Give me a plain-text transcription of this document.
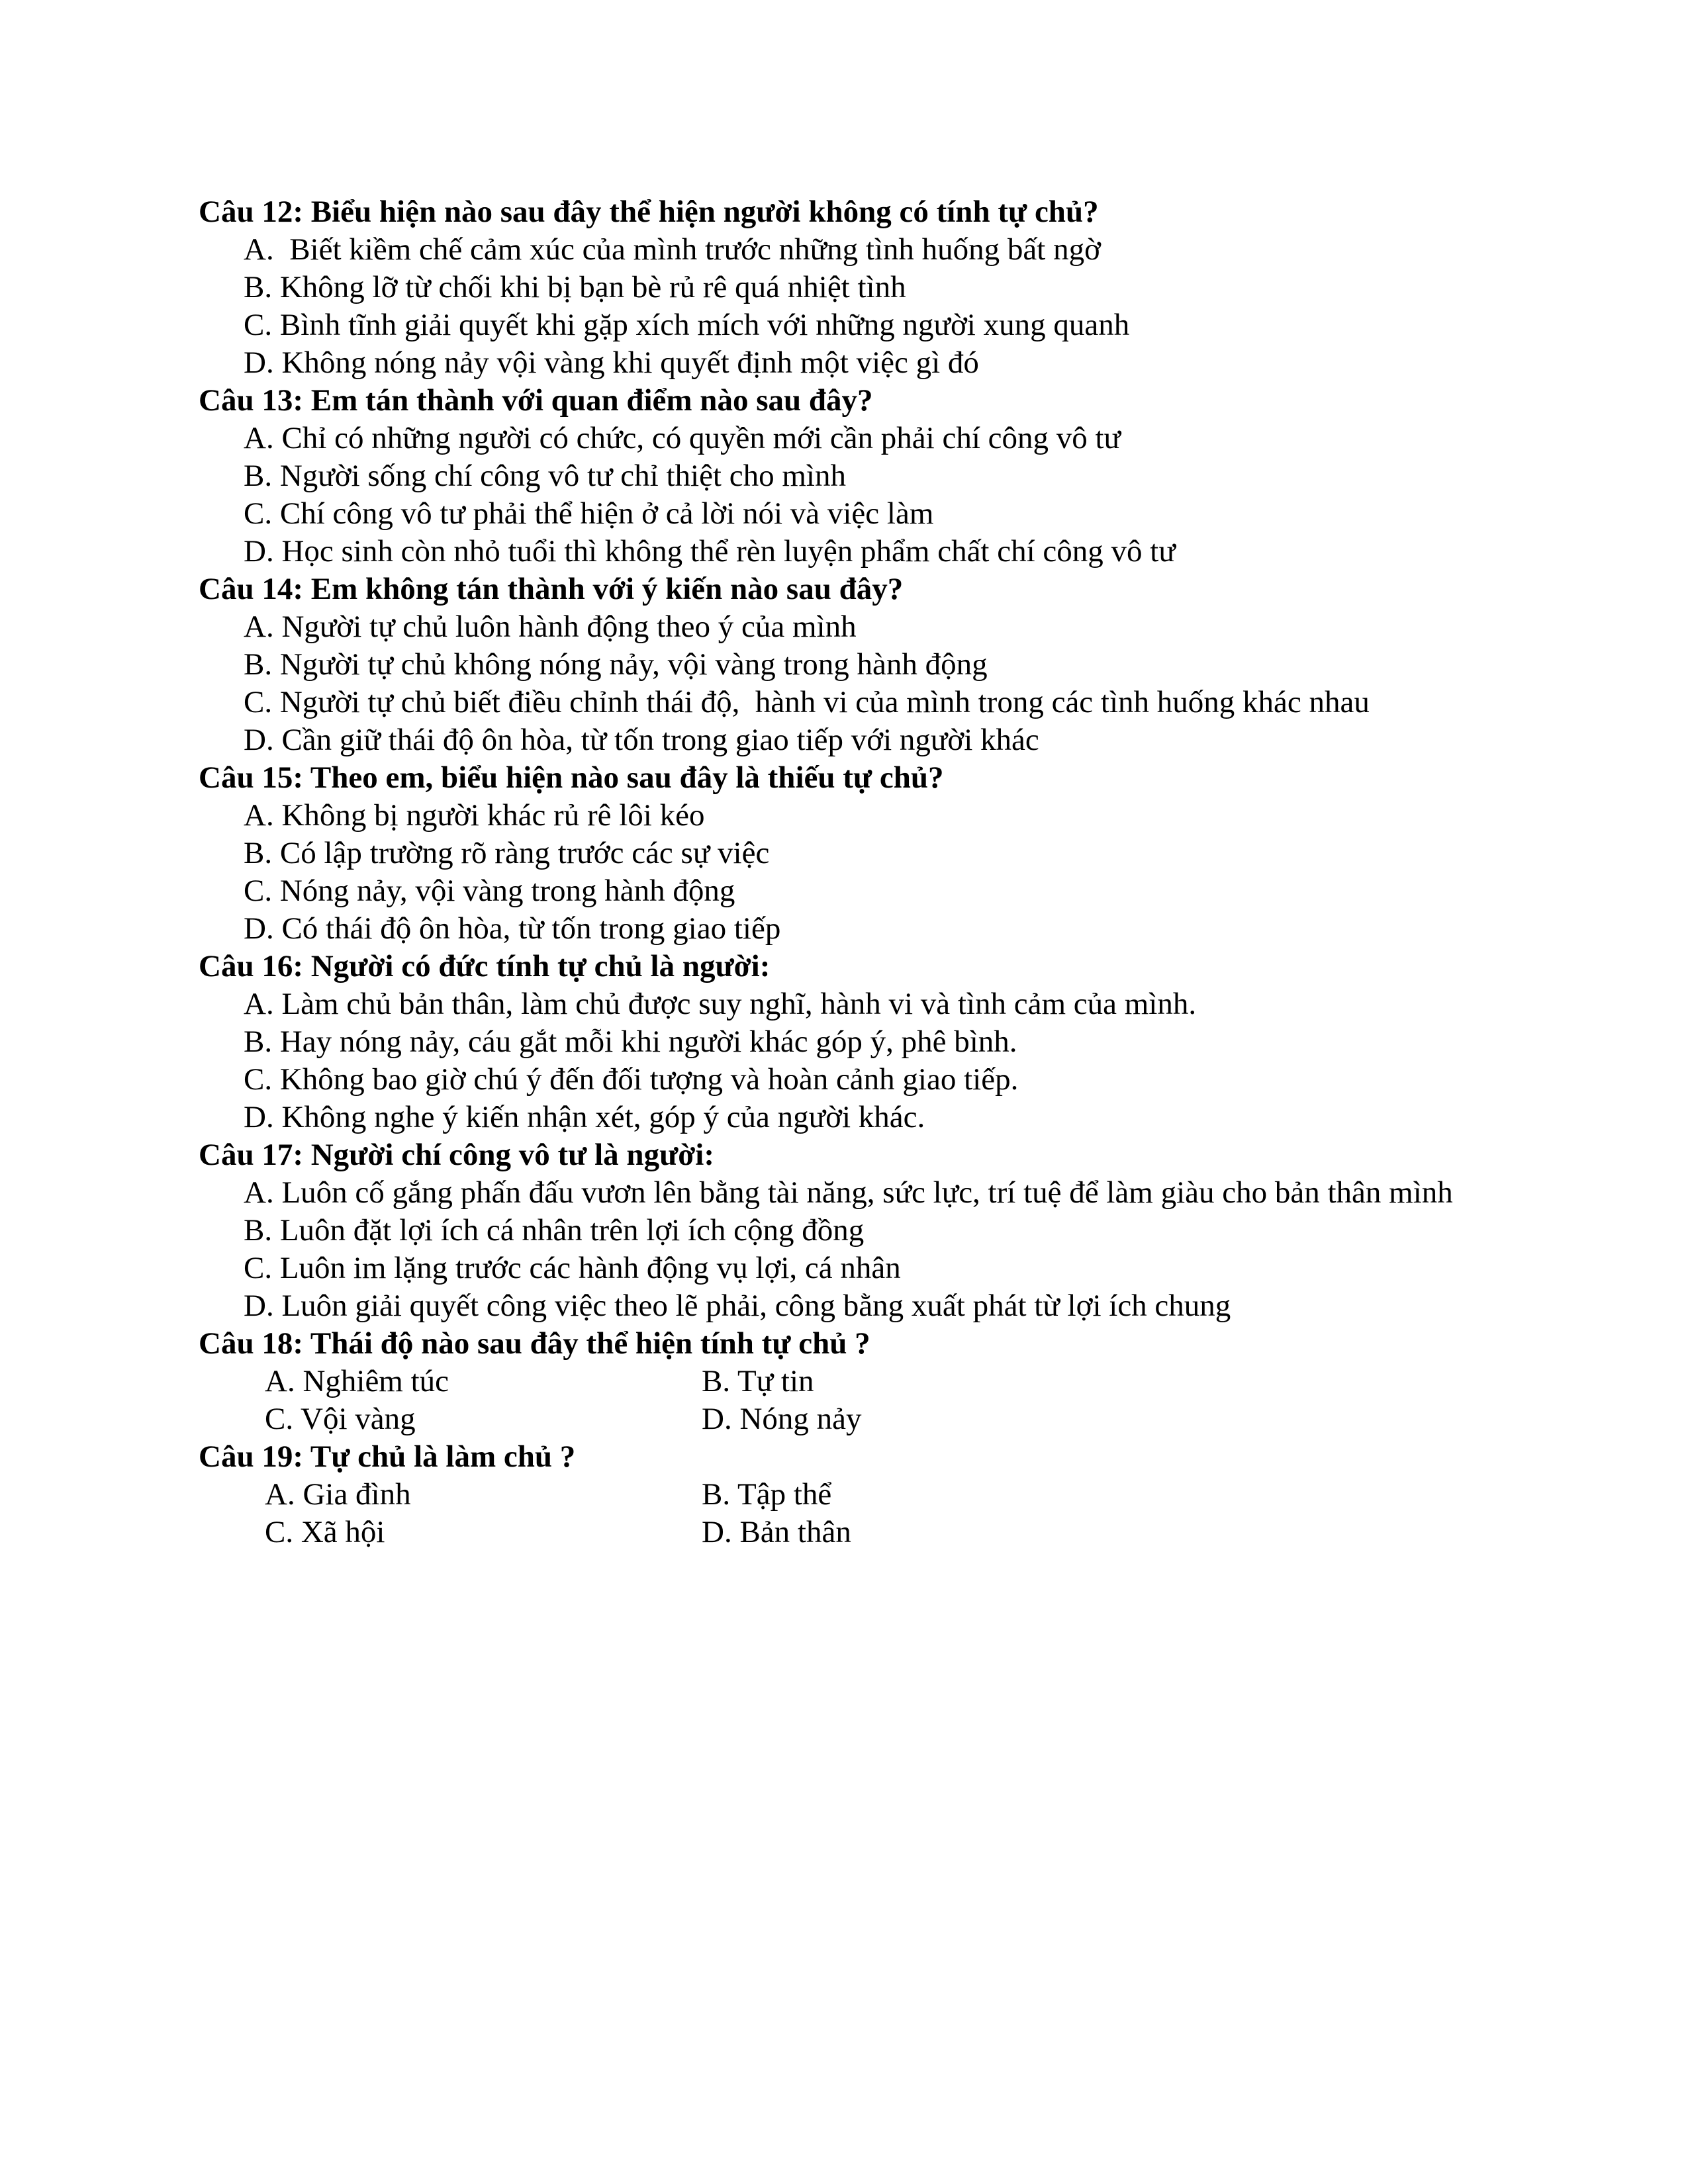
Câu 12: Biểu hiện nào sau đây thể hiện người không có tính tự chủ?
A.  Biết kiềm chế cảm xúc của mình trước những tình huống bất ngờ
B. Không lỡ từ chối khi bị bạn bè rủ rê quá nhiệt tình
C. Bình tĩnh giải quyết khi gặp xích mích với những người xung quanh
D. Không nóng nảy vội vàng khi quyết định một việc gì đó
Câu 13: Em tán thành với quan điểm nào sau đây?
A. Chỉ có những người có chức, có quyền mới cần phải chí công vô tư
B. Người sống chí công vô tư chỉ thiệt cho mình
C. Chí công vô tư phải thể hiện ở cả lời nói và việc làm
D. Học sinh còn nhỏ tuổi thì không thể rèn luyện phẩm chất chí công vô tư
Câu 14: Em không tán thành với ý kiến nào sau đây?
A. Người tự chủ luôn hành động theo ý của mình
B. Người tự chủ không nóng nảy, vội vàng trong hành động
C. Người tự chủ biết điều chỉnh thái độ,  hành vi của mình trong các tình huống khác nhau
D. Cần giữ thái độ ôn hòa, từ tốn trong giao tiếp với người khác
Câu 15: Theo em, biểu hiện nào sau đây là thiếu tự chủ?
A. Không bị người khác rủ rê lôi kéo
B. Có lập trường rõ ràng trước các sự việc
C. Nóng nảy, vội vàng trong hành động
D. Có thái độ ôn hòa, từ tốn trong giao tiếp
Câu 16: Người có đức tính tự chủ là người:
A. Làm chủ bản thân, làm chủ được suy nghĩ, hành vi và tình cảm của mình.
B. Hay nóng nảy, cáu gắt mỗi khi người khác góp ý, phê bình.
C. Không bao giờ chú ý đến đối tượng và hoàn cảnh giao tiếp.
D. Không nghe ý kiến nhận xét, góp ý của người khác.
Câu 17: Người chí công vô tư là người:
A. Luôn cố gắng phấn đấu vươn lên bằng tài năng, sức lực, trí tuệ để làm giàu cho bản thân mình
B. Luôn đặt lợi ích cá nhân trên lợi ích cộng đồng
C. Luôn im lặng trước các hành động vụ lợi, cá nhân
D. Luôn giải quyết công việc theo lẽ phải, công bằng xuất phát từ lợi ích chung
Câu 18: Thái độ nào sau đây thể hiện tính tự chủ ?
A. Nghiêm túc	B. Tự tin
C. Vội vàng	D. Nóng nảy
Câu 19: Tự chủ là làm chủ ?
A. Gia đình	B. Tập thể
C. Xã hội	D. Bản thân
